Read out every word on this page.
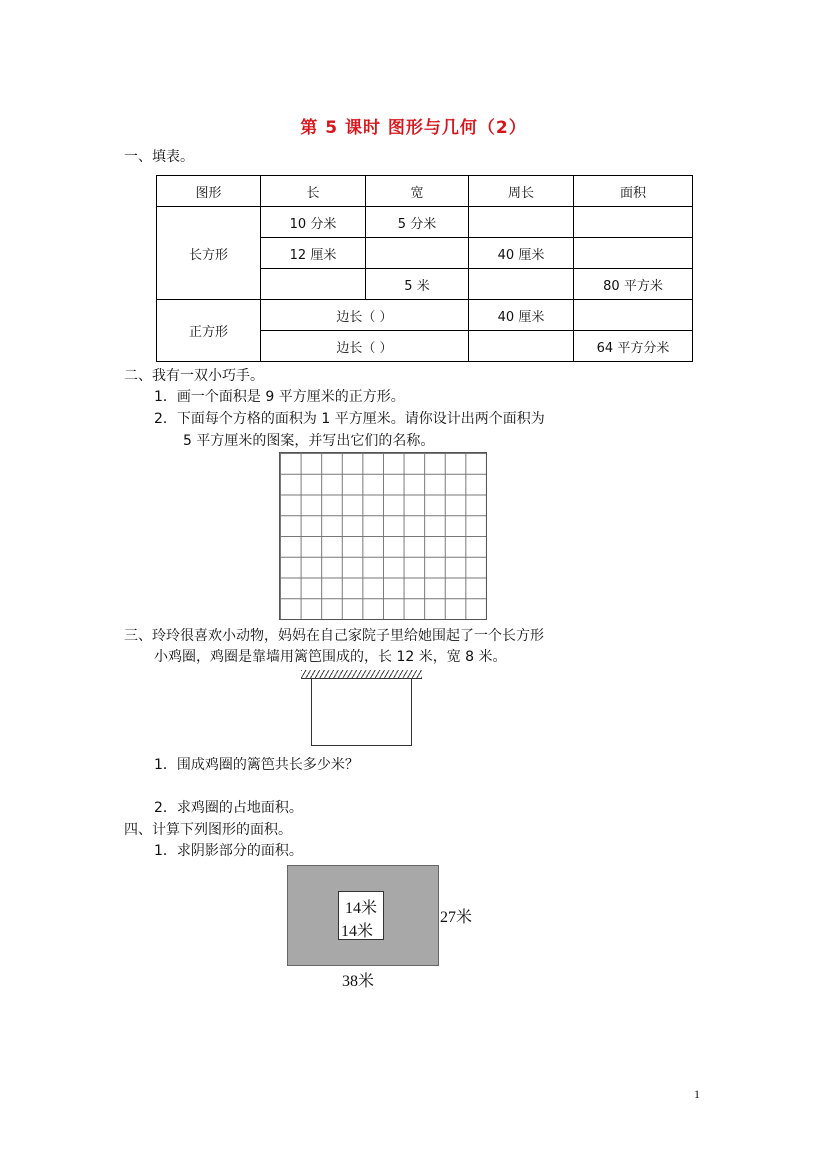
第 5 课时 图形与几何（2）
一、填表。
图形	长	宽	周长	面积
长方形	10 分米	5 分米		
	12 厘米		40 厘米	
		5 米		80 平方米
正方形	边长（ ）		40 厘米	
	边长（ ）			64 平方分米
二、我有一双小巧手。
1．画一个面积是 9 平方厘米的正方形。
2．下面每个方格的面积为 1 平方厘米。请你设计出两个面积为
5 平方厘米的图案，并写出它们的名称。
三、玲玲很喜欢小动物，妈妈在自己家院子里给她围起了一个长方形
小鸡圈，鸡圈是靠墙用篱笆围成的，长 12 米，宽 8 米。
1．围成鸡圈的篱笆共长多少米？
2．求鸡圈的占地面积。
四、计算下列图形的面积。
1．求阴影部分的面积。
14米
14米
27米
38米
1
